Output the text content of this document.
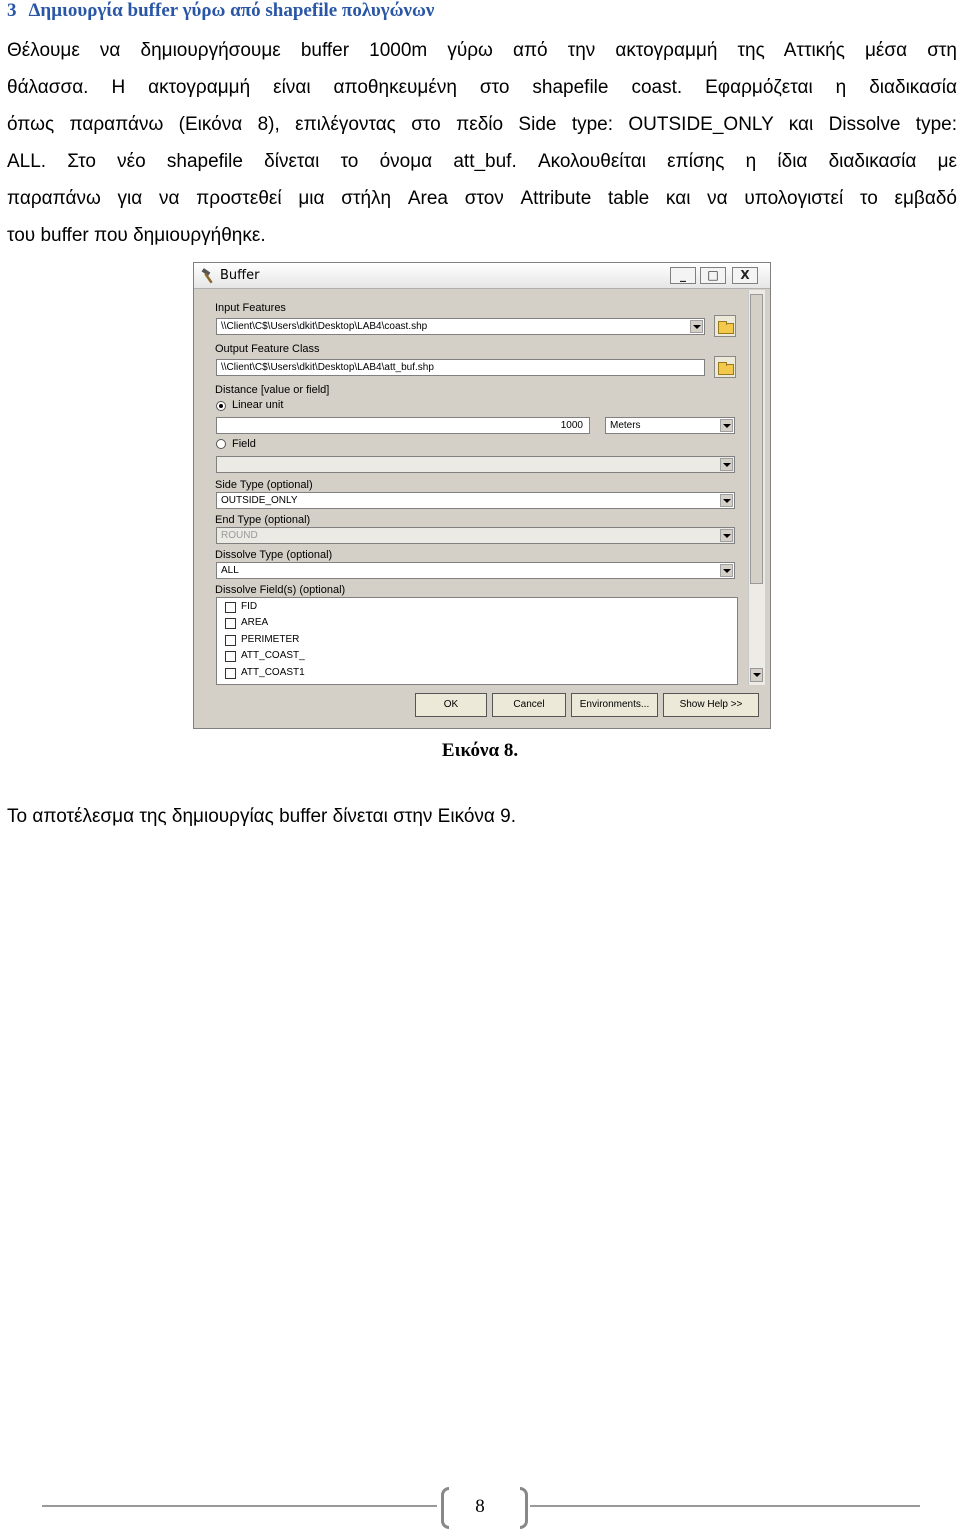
3 Δημιουργία buffer γύρω από shapefile πολυγώνων
Θέλουμε να δημιουργήσουμε buffer 1000m γύρω από την ακτογραμμή της Αττικής μέσα στη
θάλασσα. Η ακτογραμμή είναι αποθηκευμένη στο shapefile coast. Εφαρμόζεται η διαδικασία
όπως παραπάνω (Εικόνα 8), επιλέγοντας στο πεδίο Side type: OUTSIDE_ONLY και Dissolve type:
ALL. Στο νέο shapefile δίνεται το όνομα att_buf. Ακολουθείται επίσης η ίδια διαδικασία με
παραπάνω για να προστεθεί μια στήλη Area στον Attribute table και να υπολογιστεί το εμβαδό
του buffer που δημιουργήθηκε.
Buffer	_	□	X
Input Features
\\Client\C$\Users\dkit\Desktop\LAB4\coast.shp
Output Feature Class
\\Client\C$\Users\dkit\Desktop\LAB4\att_buf.shp
Distance [value or field]
Linear unit
1000	Meters
Field
Side Type (optional)
OUTSIDE_ONLY
End Type (optional)
ROUND
Dissolve Type (optional)
ALL
Dissolve Field(s) (optional)
FID
AREA
PERIMETER
ATT_COAST_
ATT_COAST1
OK	Cancel	Environments...	Show Help >>
Εικόνα 8.
Το αποτέλεσμα της δημιουργίας buffer δίνεται στην Εικόνα 9.
8
